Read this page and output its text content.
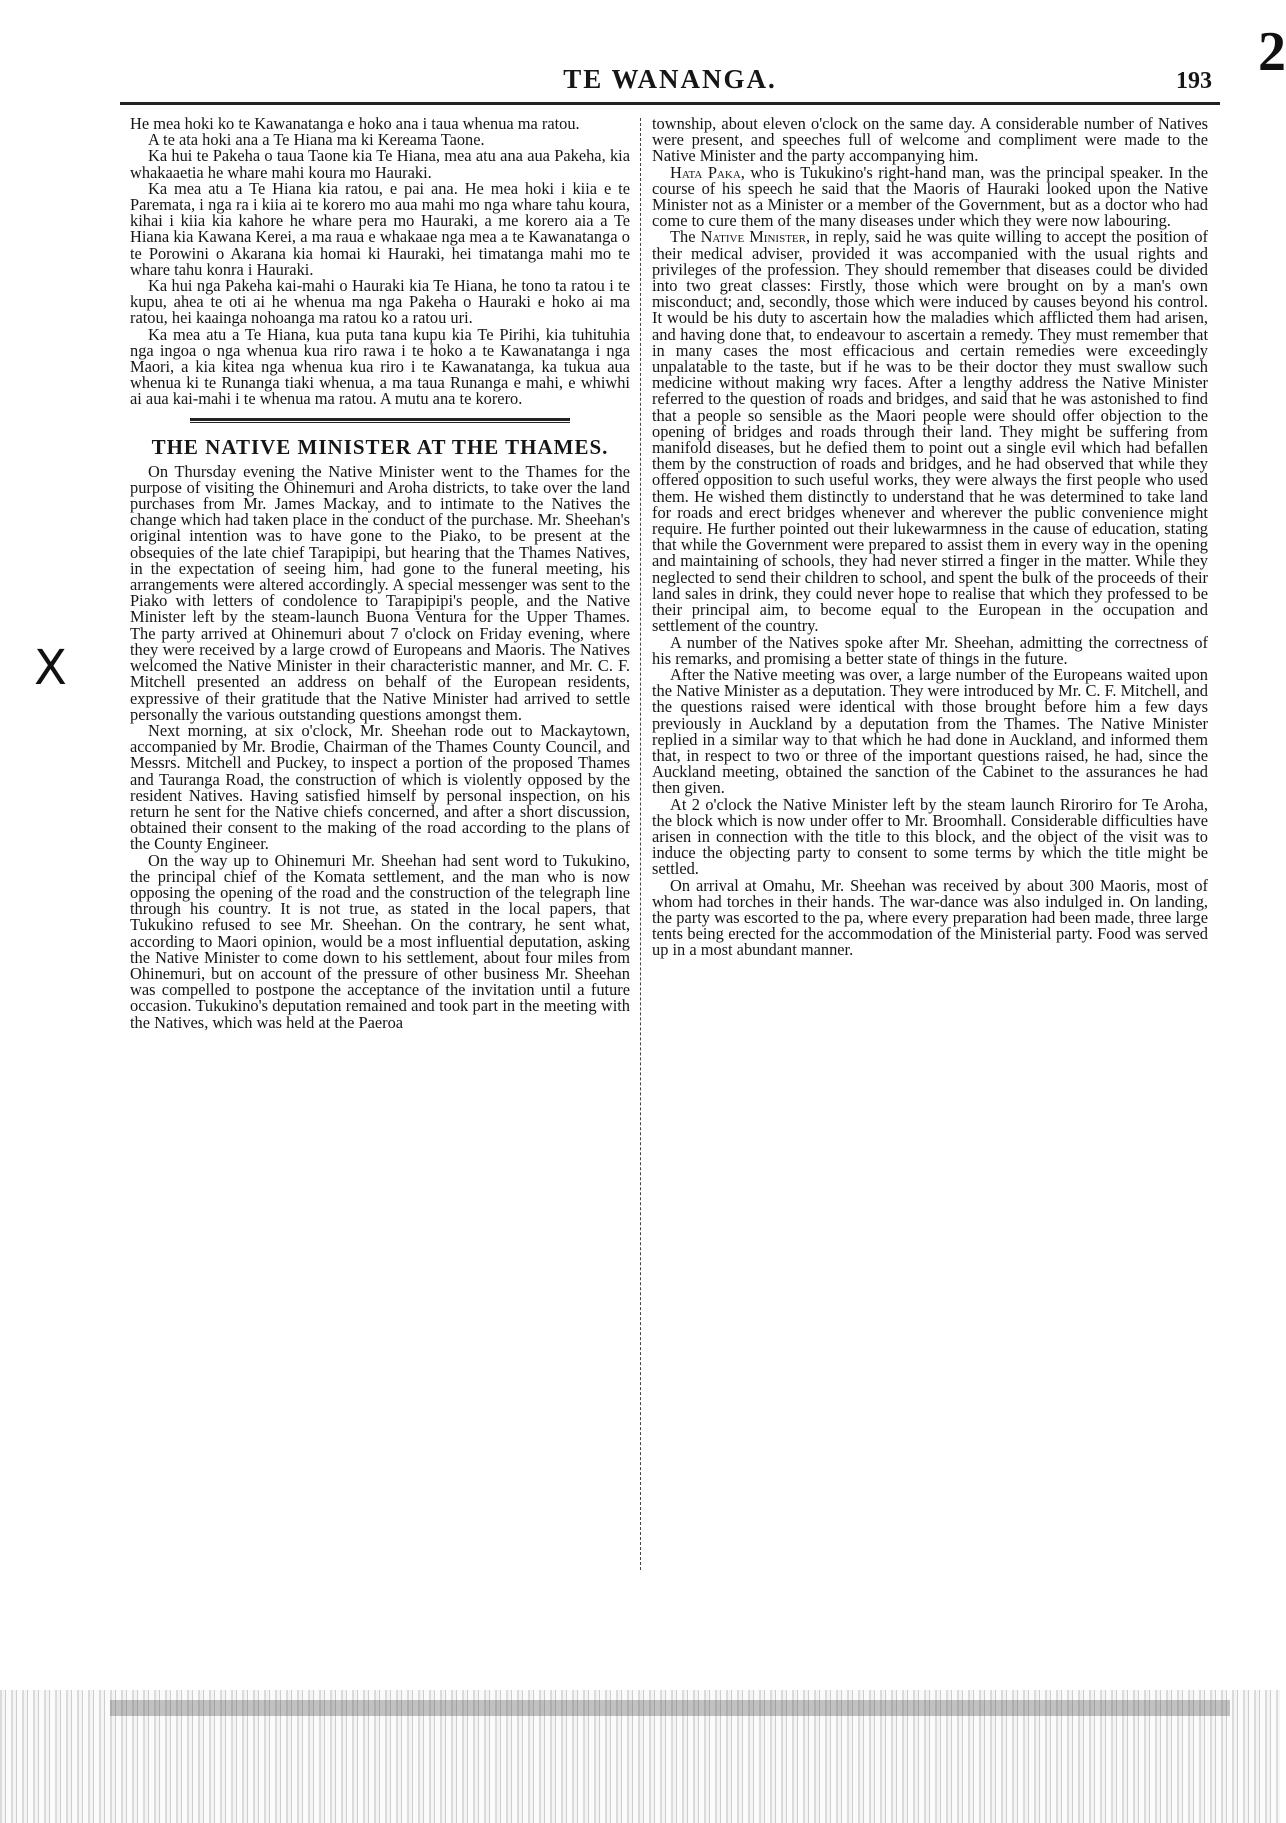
TE WANANGA.	193 2
X

He mea hoki ko te Kawanatanga e hoko ana i taua whenua ma ratou.

A te ata hoki ana a Te Hiana ma ki Kereama Taone.

Ka hui te Pakeha o taua Taone kia Te Hiana, mea atu ana aua Pakeha, kia whakaaetia he whare mahi koura mo Hauraki.

Ka mea atu a Te Hiana kia ratou, e pai ana. He mea hoki i kiia e te Paremata, i nga ra i kiia ai te korero mo aua mahi mo nga whare tahu koura, kihai i kiia kia kahore he whare pera mo Hauraki, a me korero aia a Te Hiana kia Kawana Kerei, a ma raua e whakaae nga mea a te Kawanatanga o te Porowini o Akarana kia homai ki Hauraki, hei timatanga mahi mo te whare tahu konra i Hauraki.

Ka hui nga Pakeha kai-mahi o Hauraki kia Te Hiana, he tono ta ratou i te kupu, ahea te oti ai he whenua ma nga Pakeha o Hauraki e hoko ai ma ratou, hei kaainga nohoanga ma ratou ko a ratou uri.

Ka mea atu a Te Hiana, kua puta tana kupu kia Te Pirihi, kia tuhituhia nga ingoa o nga whenua kua riro rawa i te hoko a te Kawanatanga i nga Maori, a kia kitea nga whenua kua riro i te Kawanatanga, ka tukua aua whenua ki te Runanga tiaki whenua, a ma taua Runanga e mahi, e whiwhi ai aua kai-mahi i te whenua ma ratou. A mutu ana te korero.

THE NATIVE MINISTER AT THE THAMES.

On Thursday evening the Native Minister went to the Thames for the purpose of visiting the Ohinemuri and Aroha districts, to take over the land purchases from Mr. James Mackay, and to intimate to the Natives the change which had taken place in the conduct of the purchase. Mr. Sheehan's original intention was to have gone to the Piako, to be present at the obsequies of the late chief Tarapipipi, but hearing that the Thames Natives, in the expectation of seeing him, had gone to the funeral meeting, his arrangements were altered accordingly. A special messenger was sent to the Piako with letters of condolence to Tarapipipi's people, and the Native Minister left by the steam-launch Buona Ventura for the Upper Thames. The party arrived at Ohinemuri about 7 o'clock on Friday evening, where they were received by a large crowd of Europeans and Maoris. The Natives welcomed the Native Minister in their characteristic manner, and Mr. C. F. Mitchell presented an address on behalf of the European residents, expressive of their gratitude that the Native Minister had arrived to settle personally the various outstanding questions amongst them.

Next morning, at six o'clock, Mr. Sheehan rode out to Mackaytown, accompanied by Mr. Brodie, Chairman of the Thames County Council, and Messrs. Mitchell and Puckey, to inspect a portion of the proposed Thames and Tauranga Road, the construction of which is violently opposed by the resident Natives. Having satisfied himself by personal inspection, on his return he sent for the Native chiefs concerned, and after a short discussion, obtained their consent to the making of the road according to the plans of the County Engineer.

On the way up to Ohinemuri Mr. Sheehan had sent word to Tukukino, the principal chief of the Komata settlement, and the man who is now opposing the opening of the road and the construction of the telegraph line through his country. It is not true, as stated in the local papers, that Tukukino refused to see Mr. Sheehan. On the contrary, he sent what, according to Maori opinion, would be a most influential deputation, asking the Native Minister to come down to his settlement, about four miles from Ohinemuri, but on account of the pressure of other business Mr. Sheehan was compelled to postpone the acceptance of the invitation until a future occasion. Tukukino's deputation remained and took part in the meeting with the Natives, which was held at the Paeroa

township, about eleven o'clock on the same day. A considerable number of Natives were present, and speeches full of welcome and compliment were made to the Native Minister and the party accompanying him.

Hata Paka, who is Tukukino's right-hand man, was the principal speaker. In the course of his speech he said that the Maoris of Hauraki looked upon the Native Minister not as a Minister or a member of the Government, but as a doctor who had come to cure them of the many diseases under which they were now labouring.

The Native Minister, in reply, said he was quite willing to accept the position of their medical adviser, provided it was accompanied with the usual rights and privileges of the profession. They should remember that diseases could be divided into two great classes: Firstly, those which were brought on by a man's own misconduct; and, secondly, those which were induced by causes beyond his control. It would be his duty to ascertain how the maladies which afflicted them had arisen, and having done that, to endeavour to ascertain a remedy. They must remember that in many cases the most efficacious and certain remedies were exceedingly unpalatable to the taste, but if he was to be their doctor they must swallow such medicine without making wry faces. After a lengthy address the Native Minister referred to the question of roads and bridges, and said that he was astonished to find that a people so sensible as the Maori people were should offer objection to the opening of bridges and roads through their land. They might be suffering from manifold diseases, but he defied them to point out a single evil which had befallen them by the construction of roads and bridges, and he had observed that while they offered opposition to such useful works, they were always the first people who used them. He wished them distinctly to understand that he was determined to take land for roads and erect bridges whenever and wherever the public convenience might require. He further pointed out their lukewarmness in the cause of education, stating that while the Government were prepared to assist them in every way in the opening and maintaining of schools, they had never stirred a finger in the matter. While they neglected to send their children to school, and spent the bulk of the proceeds of their land sales in drink, they could never hope to realise that which they professed to be their principal aim, to become equal to the European in the occupation and settlement of the country.

A number of the Natives spoke after Mr. Sheehan, admitting the correctness of his remarks, and promising a better state of things in the future.

After the Native meeting was over, a large number of the Europeans waited upon the Native Minister as a deputation. They were introduced by Mr. C. F. Mitchell, and the questions raised were identical with those brought before him a few days previously in Auckland by a deputation from the Thames. The Native Minister replied in a similar way to that which he had done in Auckland, and informed them that, in respect to two or three of the important questions raised, he had, since the Auckland meeting, obtained the sanction of the Cabinet to the assurances he had then given.

At 2 o'clock the Native Minister left by the steam launch Riroriro for Te Aroha, the block which is now under offer to Mr. Broomhall. Considerable difficulties have arisen in connection with the title to this block, and the object of the visit was to induce the objecting party to consent to some terms by which the title might be settled.

On arrival at Omahu, Mr. Sheehan was received by about 300 Maoris, most of whom had torches in their hands. The war-dance was also indulged in. On landing, the party was escorted to the pa, where every preparation had been made, three large tents being erected for the accommodation of the Ministerial party. Food was served up in a most abundant manner.
